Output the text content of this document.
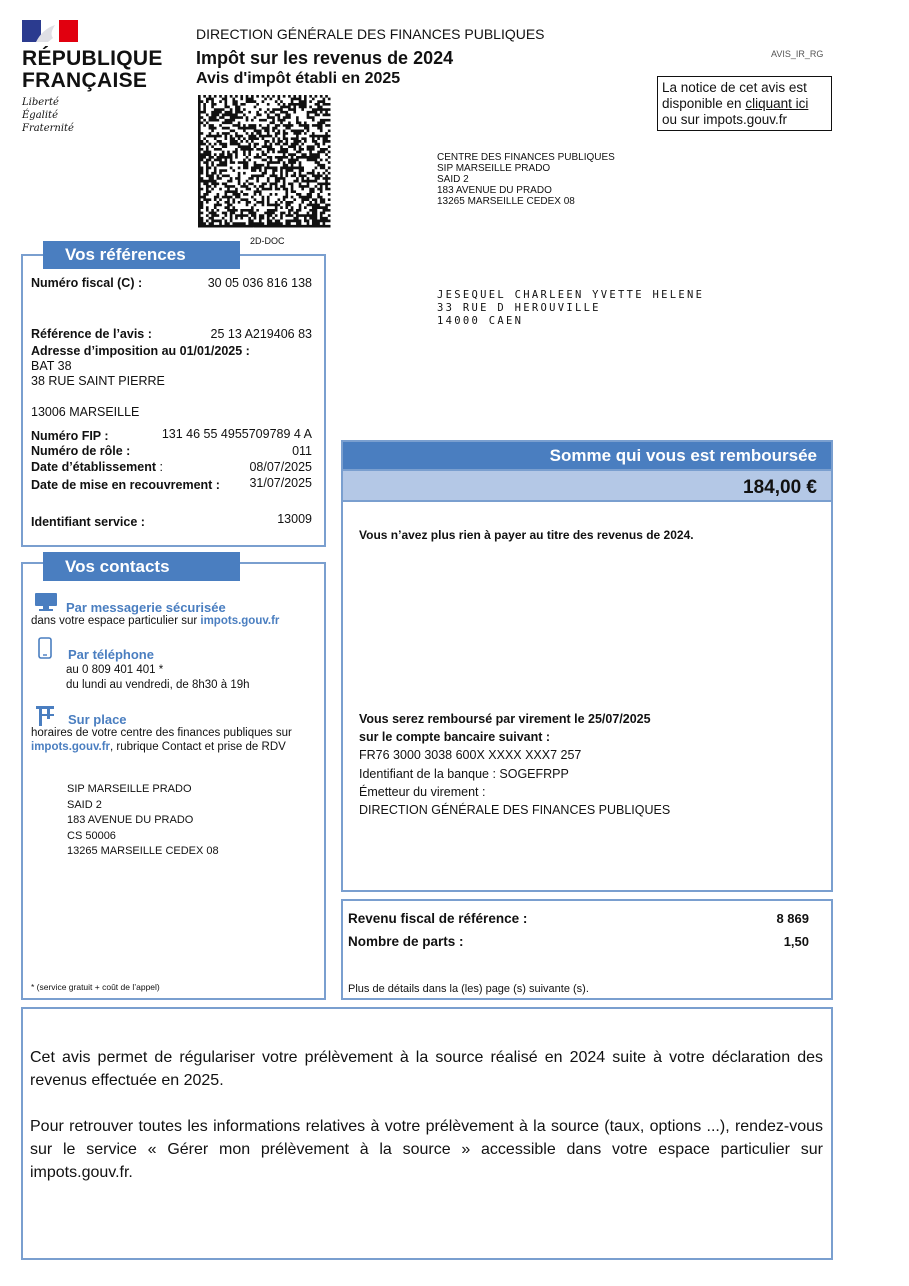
RÉPUBLIQUE
FRANÇAISE
Liberté
Égalité
Fraternité
DIRECTION GÉNÉRALE DES FINANCES PUBLIQUES
Impôt sur les revenus de 2024
Avis d'impôt établi en 2025
AVIS_IR_RG
La notice de cet avis est
disponible en cliquant ici
ou sur impots.gouv.fr
2D-DOC
CENTRE DES FINANCES PUBLIQUES
SIP MARSEILLE PRADO
SAID 2
183 AVENUE DU PRADO
13265 MARSEILLE CEDEX 08
JESEQUEL CHARLEEN YVETTE HELENE
33 RUE D HEROUVILLE
14000 CAEN
Vos références
Numéro fiscal (C) :	30 05 036 816 138
Référence de l’avis :	25 13 A219406 83
Adresse d’imposition au 01/01/2025 :
BAT 38
38 RUE SAINT PIERRE
13006 MARSEILLE
Numéro FIP :	131 46 55 4955709789 4 A
Numéro de rôle :	011
Date d’établissement :	08/07/2025
Date de mise en recouvrement : 31/07/2025
Identifiant service :	13009
Vos contacts
Par messagerie sécurisée
dans votre espace particulier sur impots.gouv.fr
Par téléphone
au 0 809 401 401 *
du lundi au vendredi, de 8h30 à 19h
Sur place
horaires de votre centre des finances publiques sur
impots.gouv.fr, rubrique Contact et prise de RDV
SIP MARSEILLE PRADO
SAID 2
183 AVENUE DU PRADO
CS 50006
13265 MARSEILLE CEDEX 08
* (service gratuit + coût de l’appel)
Somme qui vous est remboursée
184,00 €
Vous n’avez plus rien à payer au titre des revenus de 2024.
Vous serez remboursé par virement le 25/07/2025
sur le compte bancaire suivant :
FR76 3000 3038 600X XXXX XXX7 257
Identifiant de la banque : SOGEFRPP
Émetteur du virement :
DIRECTION GÉNÉRALE DES FINANCES PUBLIQUES
Revenu fiscal de référence :	8 869
Nombre de parts :	1,50
Plus de détails dans la (les) page (s) suivante (s).
Cet avis permet de régulariser votre prélèvement à la source réalisé en 2024 suite à votre déclaration des revenus effectuée en 2025.
Pour retrouver toutes les informations relatives à votre prélèvement à la source (taux, options ...), rendez-vous sur le service « Gérer mon prélèvement à la source » accessible dans votre espace particulier sur impots.gouv.fr.
